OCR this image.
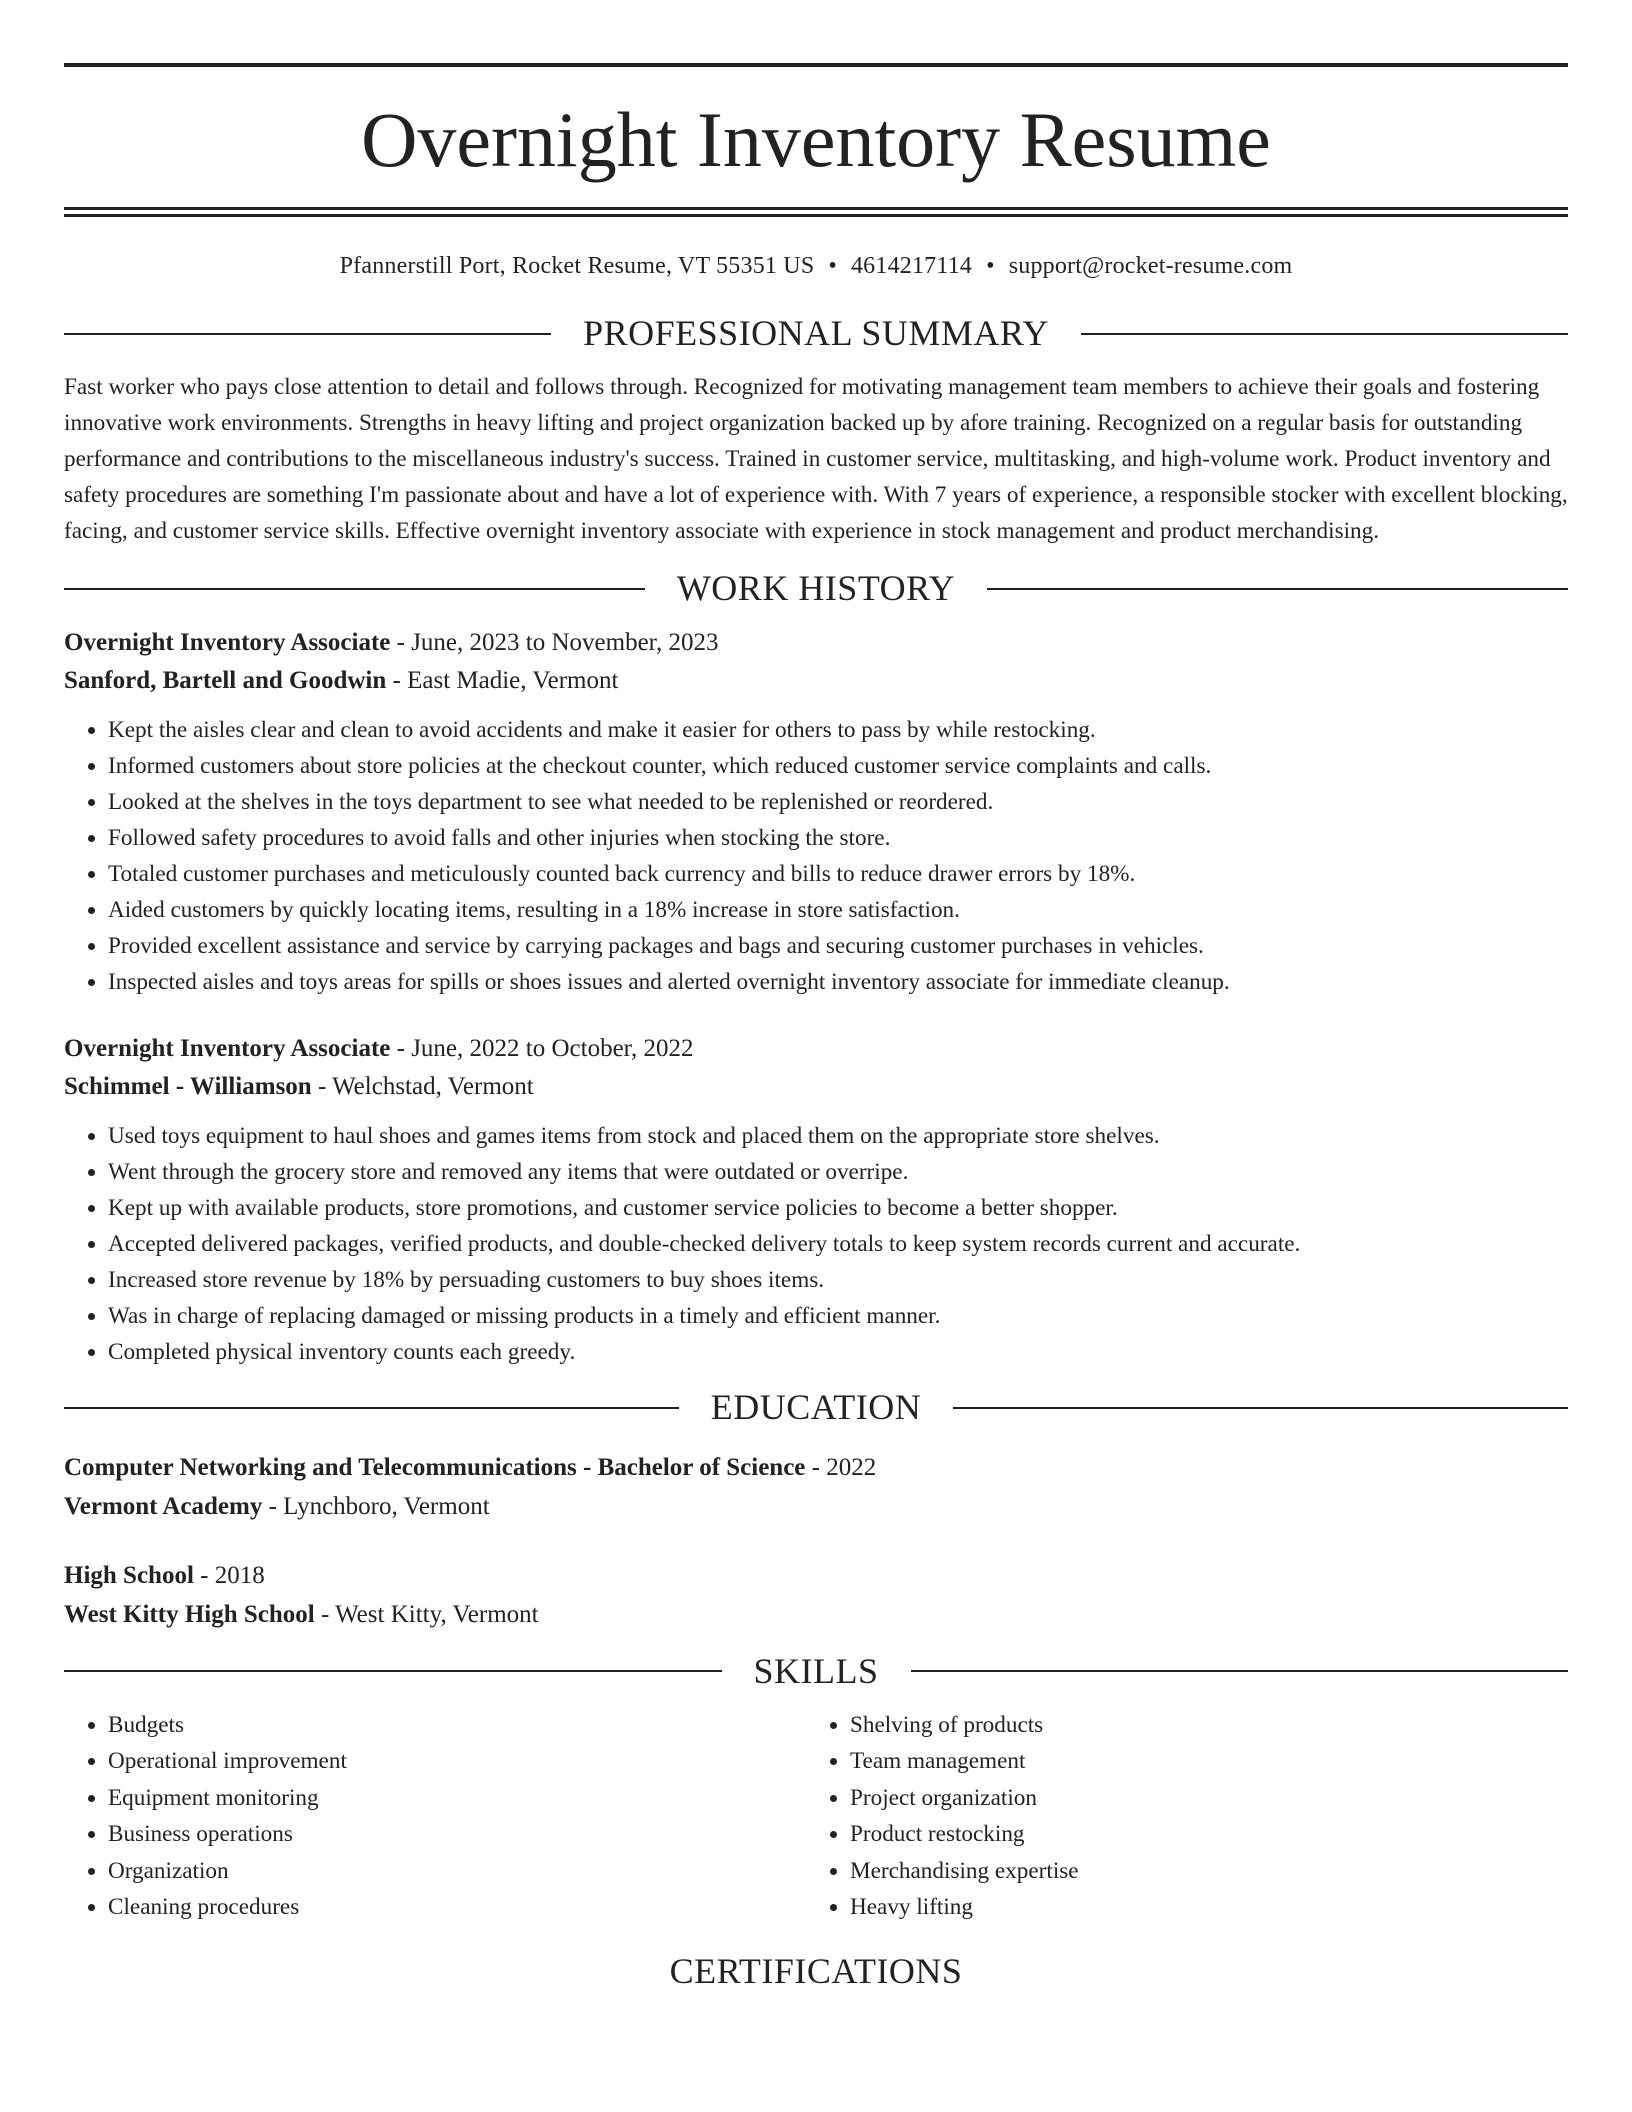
Overnight Inventory Resume
Pfannerstill Port, Rocket Resume, VT 55351 US • 4614217114 • support@rocket-resume.com
PROFESSIONAL SUMMARY
Fast worker who pays close attention to detail and follows through. Recognized for motivating management team members to achieve their goals and fostering innovative work environments. Strengths in heavy lifting and project organization backed up by afore training. Recognized on a regular basis for outstanding performance and contributions to the miscellaneous industry's success. Trained in customer service, multitasking, and high-volume work. Product inventory and safety procedures are something I'm passionate about and have a lot of experience with. With 7 years of experience, a responsible stocker with excellent blocking, facing, and customer service skills. Effective overnight inventory associate with experience in stock management and product merchandising.
WORK HISTORY
Overnight Inventory Associate - June, 2023 to November, 2023
Sanford, Bartell and Goodwin - East Madie, Vermont
• Kept the aisles clear and clean to avoid accidents and make it easier for others to pass by while restocking.
• Informed customers about store policies at the checkout counter, which reduced customer service complaints and calls.
• Looked at the shelves in the toys department to see what needed to be replenished or reordered.
• Followed safety procedures to avoid falls and other injuries when stocking the store.
• Totaled customer purchases and meticulously counted back currency and bills to reduce drawer errors by 18%.
• Aided customers by quickly locating items, resulting in a 18% increase in store satisfaction.
• Provided excellent assistance and service by carrying packages and bags and securing customer purchases in vehicles.
• Inspected aisles and toys areas for spills or shoes issues and alerted overnight inventory associate for immediate cleanup.
Overnight Inventory Associate - June, 2022 to October, 2022
Schimmel - Williamson - Welchstad, Vermont
• Used toys equipment to haul shoes and games items from stock and placed them on the appropriate store shelves.
• Went through the grocery store and removed any items that were outdated or overripe.
• Kept up with available products, store promotions, and customer service policies to become a better shopper.
• Accepted delivered packages, verified products, and double-checked delivery totals to keep system records current and accurate.
• Increased store revenue by 18% by persuading customers to buy shoes items.
• Was in charge of replacing damaged or missing products in a timely and efficient manner.
• Completed physical inventory counts each greedy.
EDUCATION
Computer Networking and Telecommunications - Bachelor of Science - 2022
Vermont Academy - Lynchboro, Vermont
High School - 2018
West Kitty High School - West Kitty, Vermont
SKILLS
• Budgets
• Operational improvement
• Equipment monitoring
• Business operations
• Organization
• Cleaning procedures
• Shelving of products
• Team management
• Project organization
• Product restocking
• Merchandising expertise
• Heavy lifting
CERTIFICATIONS
